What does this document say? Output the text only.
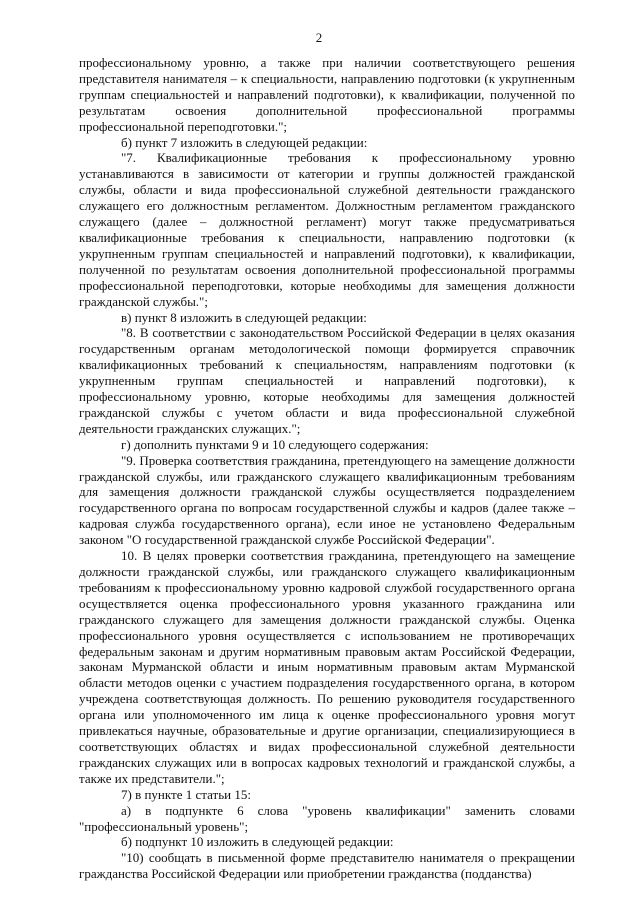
2

профессиональному уровню, а также при наличии соответствующего решения представителя нанимателя – к специальности, направлению подготовки (к укрупненным группам специальностей и направлений подготовки), к квалификации, полученной по результатам освоения дополнительной профессиональной программы профессиональной переподготовки.";

б) пункт 7 изложить в следующей редакции:

"7. Квалификационные требования к профессиональному уровню устанавливаются в зависимости от категории и группы должностей гражданской службы, области и вида профессиональной служебной деятельности гражданского служащего его должностным регламентом. Должностным регламентом гражданского служащего (далее – должностной регламент) могут также предусматриваться квалификационные требования к специальности, направлению подготовки (к укрупненным группам специальностей и направлений подготовки), к квалификации, полученной по результатам освоения дополнительной профессиональной программы профессиональной переподготовки, которые необходимы для замещения должности гражданской службы.";

в) пункт 8 изложить в следующей редакции:

"8. В соответствии с законодательством Российской Федерации в целях оказания государственным органам методологической помощи формируется справочник квалификационных требований к специальностям, направлениям подготовки (к укрупненным группам специальностей и направлений подготовки), к профессиональному уровню, которые необходимы для замещения должностей гражданской службы с учетом области и вида профессиональной служебной деятельности гражданских служащих.";

г) дополнить пунктами 9 и 10 следующего содержания:

"9. Проверка соответствия гражданина, претендующего на замещение должности гражданской службы, или гражданского служащего квалификационным требованиям для замещения должности гражданской службы осуществляется подразделением государственного органа по вопросам государственной службы и кадров (далее также – кадровая служба государственного органа), если иное не установлено Федеральным законом "О государственной гражданской службе Российской Федерации".

10. В целях проверки соответствия гражданина, претендующего на замещение должности гражданской службы, или гражданского служащего квалификационным требованиям к профессиональному уровню кадровой службой государственного органа осуществляется оценка профессионального уровня указанного гражданина или гражданского служащего для замещения должности гражданской службы. Оценка профессионального уровня осуществляется с использованием не противоречащих федеральным законам и другим нормативным правовым актам Российской Федерации, законам Мурманской области и иным нормативным правовым актам Мурманской области методов оценки с участием подразделения государственного органа, в котором учреждена соответствующая должность. По решению руководителя государственного органа или уполномоченного им лица к оценке профессионального уровня могут привлекаться научные, образовательные и другие организации, специализирующиеся в соответствующих областях и видах профессиональной служебной деятельности гражданских служащих или в вопросах кадровых технологий и гражданской службы, а также их представители.";

7) в пункте 1 статьи 15:

а) в подпункте 6 слова "уровень квалификации" заменить словами "профессиональный уровень";

б) подпункт 10 изложить в следующей редакции:

"10) сообщать в письменной форме представителю нанимателя о прекращении гражданства Российской Федерации или приобретении гражданства (подданства)
